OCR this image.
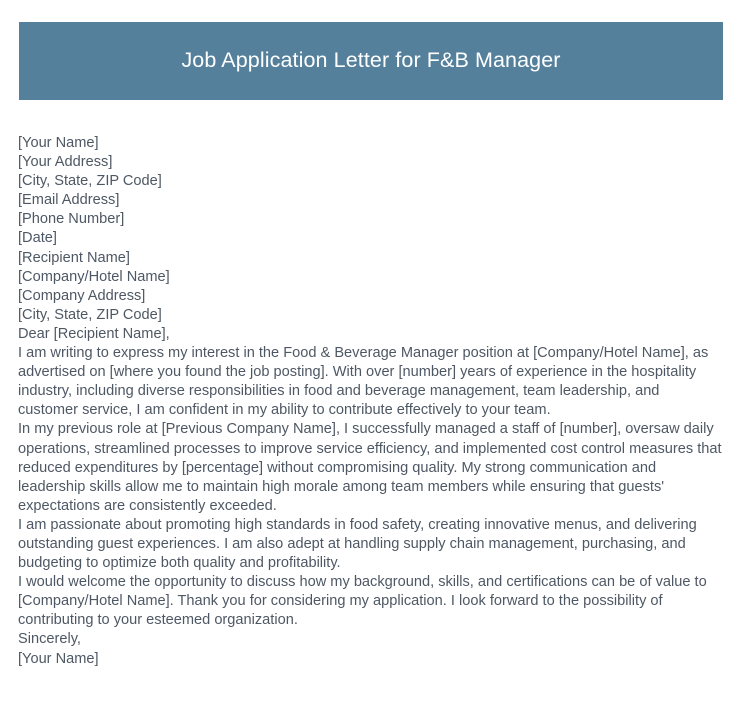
Job Application Letter for F&B Manager
[Your Name]
[Your Address]
[City, State, ZIP Code]
[Email Address]
[Phone Number]
[Date]
[Recipient Name]
[Company/Hotel Name]
[Company Address]
[City, State, ZIP Code]
Dear [Recipient Name],
I am writing to express my interest in the Food & Beverage Manager position at [Company/Hotel Name], as advertised on [where you found the job posting]. With over [number] years of experience in the hospitality industry, including diverse responsibilities in food and beverage management, team leadership, and customer service, I am confident in my ability to contribute effectively to your team.
In my previous role at [Previous Company Name], I successfully managed a staff of [number], oversaw daily operations, streamlined processes to improve service efficiency, and implemented cost control measures that reduced expenditures by [percentage] without compromising quality. My strong communication and leadership skills allow me to maintain high morale among team members while ensuring that guests' expectations are consistently exceeded.
I am passionate about promoting high standards in food safety, creating innovative menus, and delivering outstanding guest experiences. I am also adept at handling supply chain management, purchasing, and budgeting to optimize both quality and profitability.
I would welcome the opportunity to discuss how my background, skills, and certifications can be of value to [Company/Hotel Name]. Thank you for considering my application. I look forward to the possibility of contributing to your esteemed organization.
Sincerely,
[Your Name]
